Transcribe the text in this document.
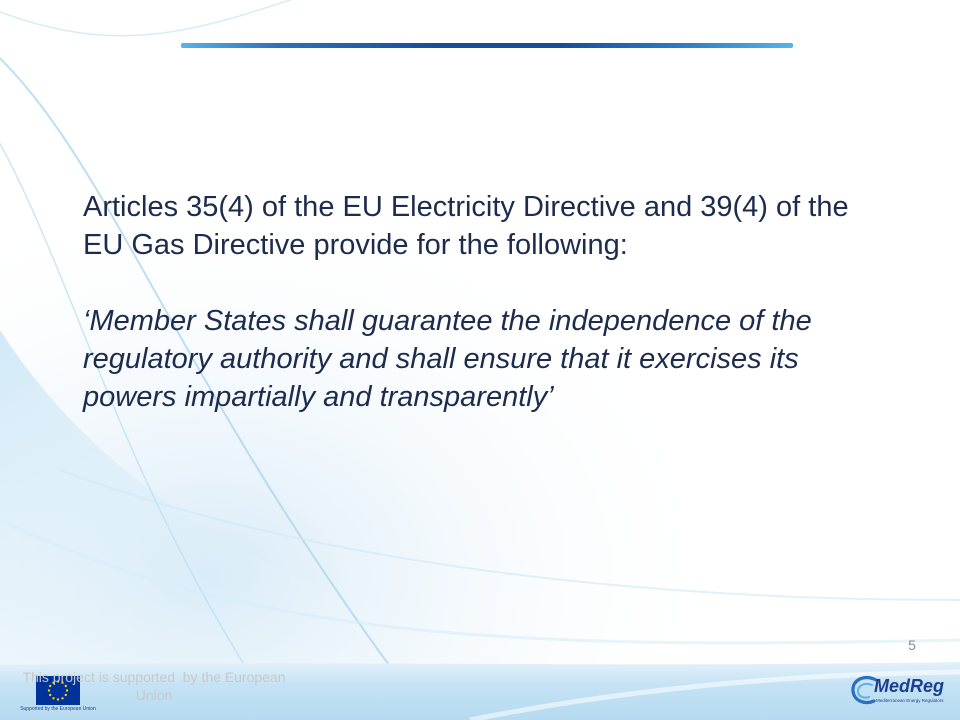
Articles 35(4) of the EU Electricity Directive and 39(4) of the EU Gas Directive provide for the following:

‘Member States shall guarantee the independence of the regulatory authority and shall ensure that it exercises its powers impartially and transparently’

5
Supported by the European Union
This project is supported  by the European Union	MedReg
Mediterranean Energy Regulators
